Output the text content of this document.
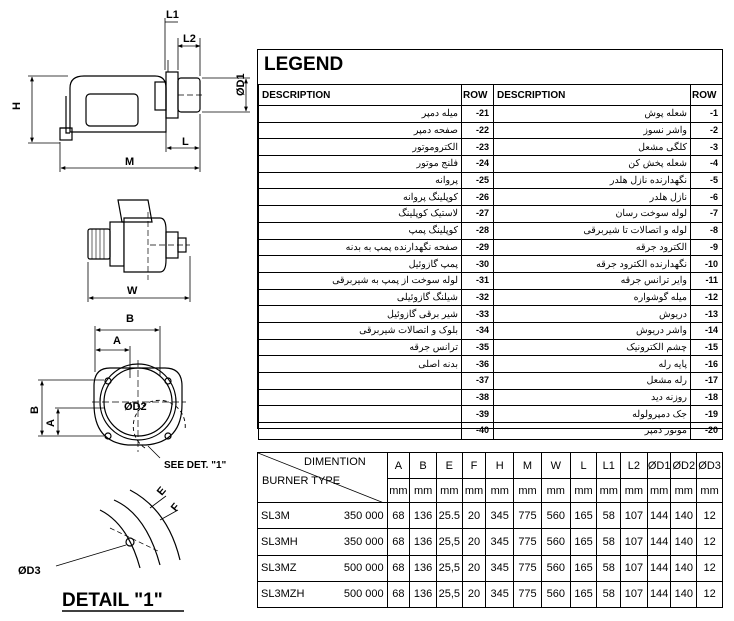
L1
L2
H
ØD1
L
M
W
B
A
ØD2
B
A
SEE DET. "1"
E
F
ØD3
DETAIL "1"
LEGEND
DESCRIPTION	ROW	DESCRIPTION	ROW
میله دمپر	-21	شعله پوش	-1
صفحه دمپر	-22	واشر نسوز	-2
الکتروموتور	-23	کلگی مشعل	-3
فلنج موتور	-24	شعله پخش کن	-4
پروانه	-25	نگهدارنده نازل هلدر	-5
کوپلینگ پروانه	-26	نازل هلدر	-6
لاستیک کوپلینگ	-27	لوله سوخت رسان	-7
کوپلینگ پمپ	-28	لوله و اتصالات تا شیربرقی	-8
صفحه نگهدارنده پمپ به بدنه	-29	الکترود جرقه	-9
پمپ گازوئیل	-30	نگهدارنده الکترود جرقه	-10
لوله سوخت از پمپ به شیربرقی	-31	وایر ترانس جرقه	-11
شیلنگ گازوئیلی	-32	میله گوشواره	-12
شیر برقی گازوئیل	-33	دریوش	-13
بلوک و اتصالات شیربرقی	-34	واشر دریوش	-14
ترانس جرقه	-35	چشم الکترونیک	-15
بدنه اصلی	-36	پایه رله	-16
	-37	رله مشعل	-17
	-38	روزنه دید	-18
	-39	جک دمپرولوله	-19
	-40	موتور دمپر	-20
DIMENTION
BURNER TYPE	A	B	E	F	H	M	W	L	L1	L2	ØD1	ØD2	ØD3
	mm	mm	mm	mm	mm	mm	mm	mm	mm	mm	mm	mm	mm

SL3M 350 000	68	136	25.5	20	345	775	560	165	58	107	144	140	12

SL3MH 350 000	68	136	25,5	20	345	775	560	165	58	107	144	140	12

SL3MZ 500 000	68	136	25,5	20	345	775	560	165	58	107	144	140	12

SL3MZH 500 000	68	136	25,5	20	345	775	560	165	58	107	144	140	12
